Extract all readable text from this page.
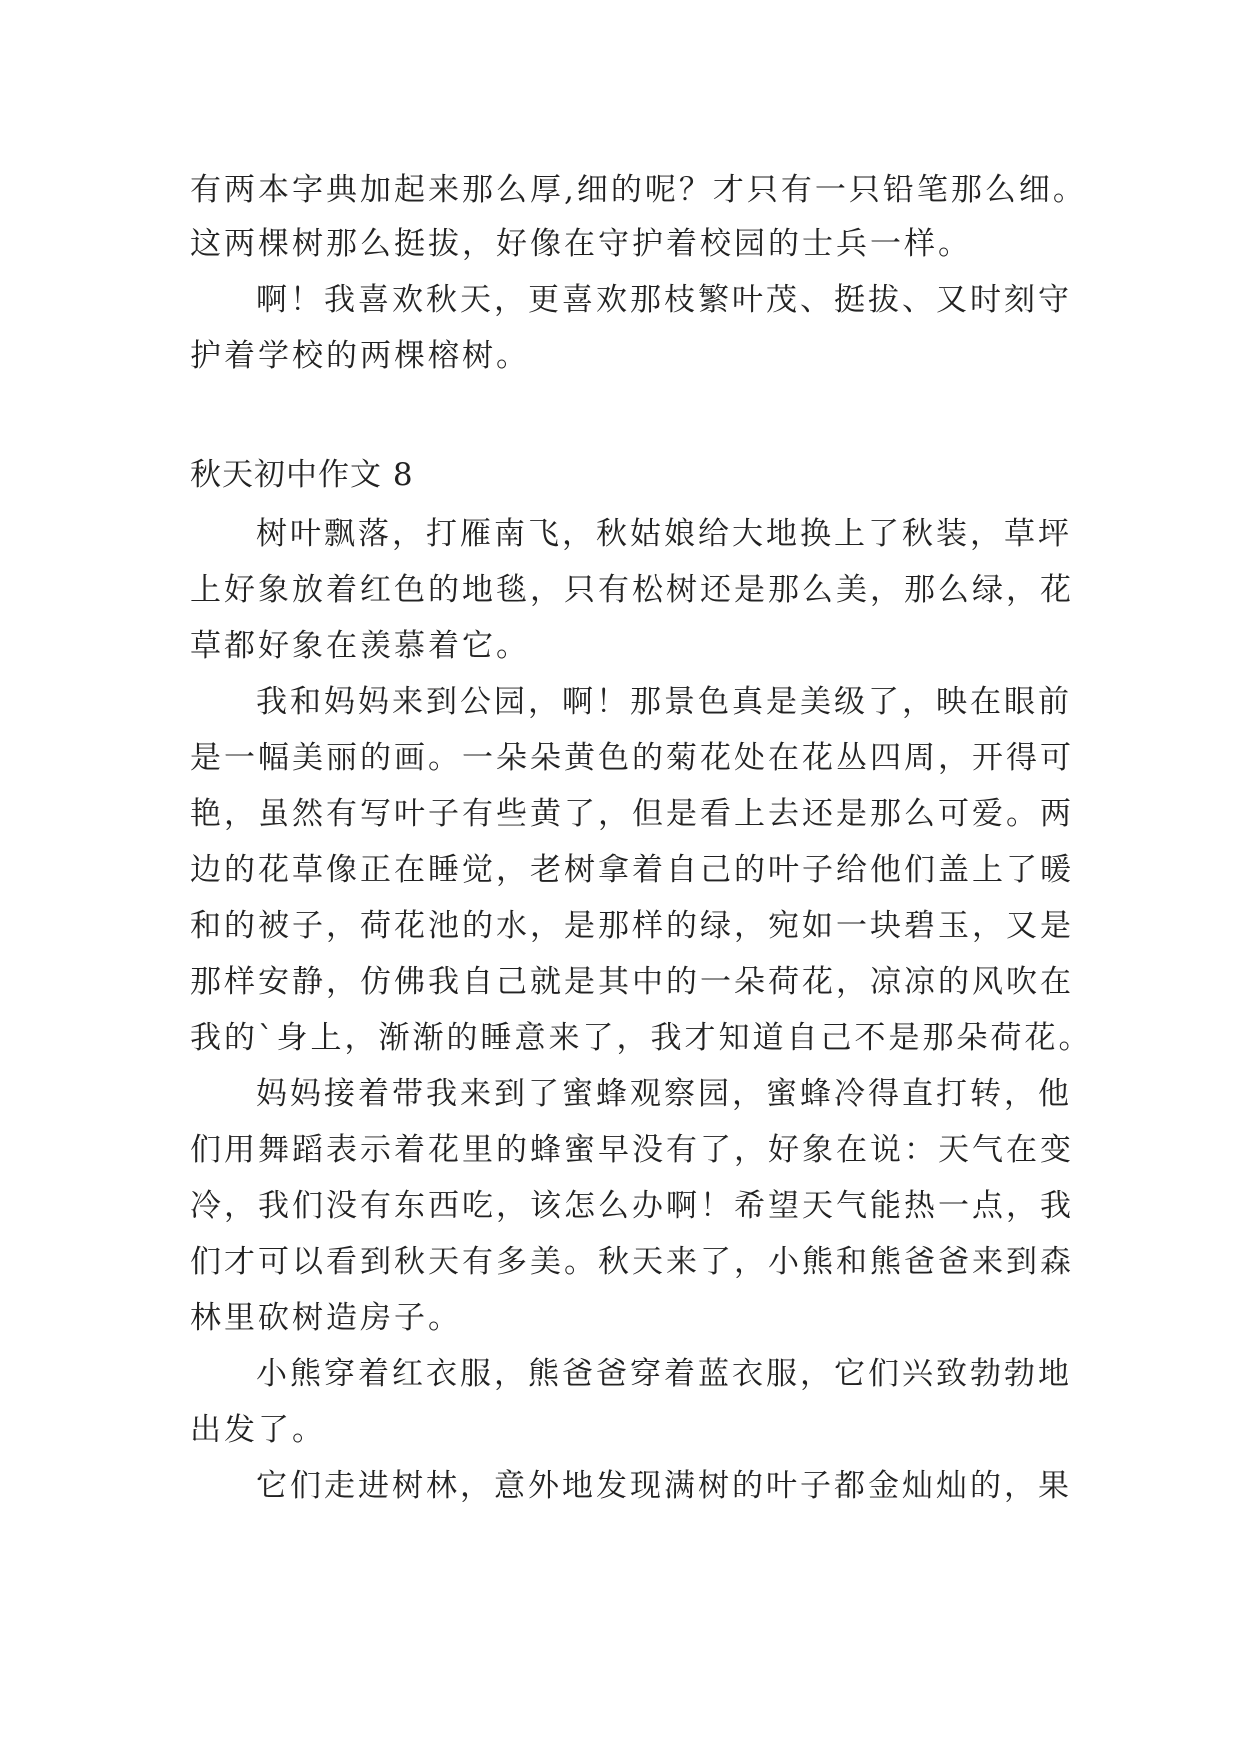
有两本字典加起来那么厚,细的呢？才只有一只铅笔那么细。
这两棵树那么挺拔，好像在守护着校园的士兵一样。
啊！我喜欢秋天，更喜欢那枝繁叶茂、挺拔、又时刻守
护着学校的两棵榕树。
秋天初中作文 8
树叶飘落，打雁南飞，秋姑娘给大地换上了秋装，草坪
上好象放着红色的地毯，只有松树还是那么美，那么绿，花
草都好象在羡慕着它。
我和妈妈来到公园，啊！那景色真是美级了，映在眼前
是一幅美丽的画。一朵朵黄色的菊花处在花丛四周，开得可
艳，虽然有写叶子有些黄了，但是看上去还是那么可爱。两
边的花草像正在睡觉，老树拿着自己的叶子给他们盖上了暖
和的被子，荷花池的水，是那样的绿，宛如一块碧玉，又是
那样安静，仿佛我自己就是其中的一朵荷花，凉凉的风吹在
我的`身上，渐渐的睡意来了，我才知道自己不是那朵荷花。
妈妈接着带我来到了蜜蜂观察园，蜜蜂冷得直打转，他
们用舞蹈表示着花里的蜂蜜早没有了，好象在说：天气在变
冷，我们没有东西吃，该怎么办啊！希望天气能热一点，我
们才可以看到秋天有多美。秋天来了，小熊和熊爸爸来到森
林里砍树造房子。
小熊穿着红衣服，熊爸爸穿着蓝衣服，它们兴致勃勃地
出发了。
它们走进树林，意外地发现满树的叶子都金灿灿的，果
